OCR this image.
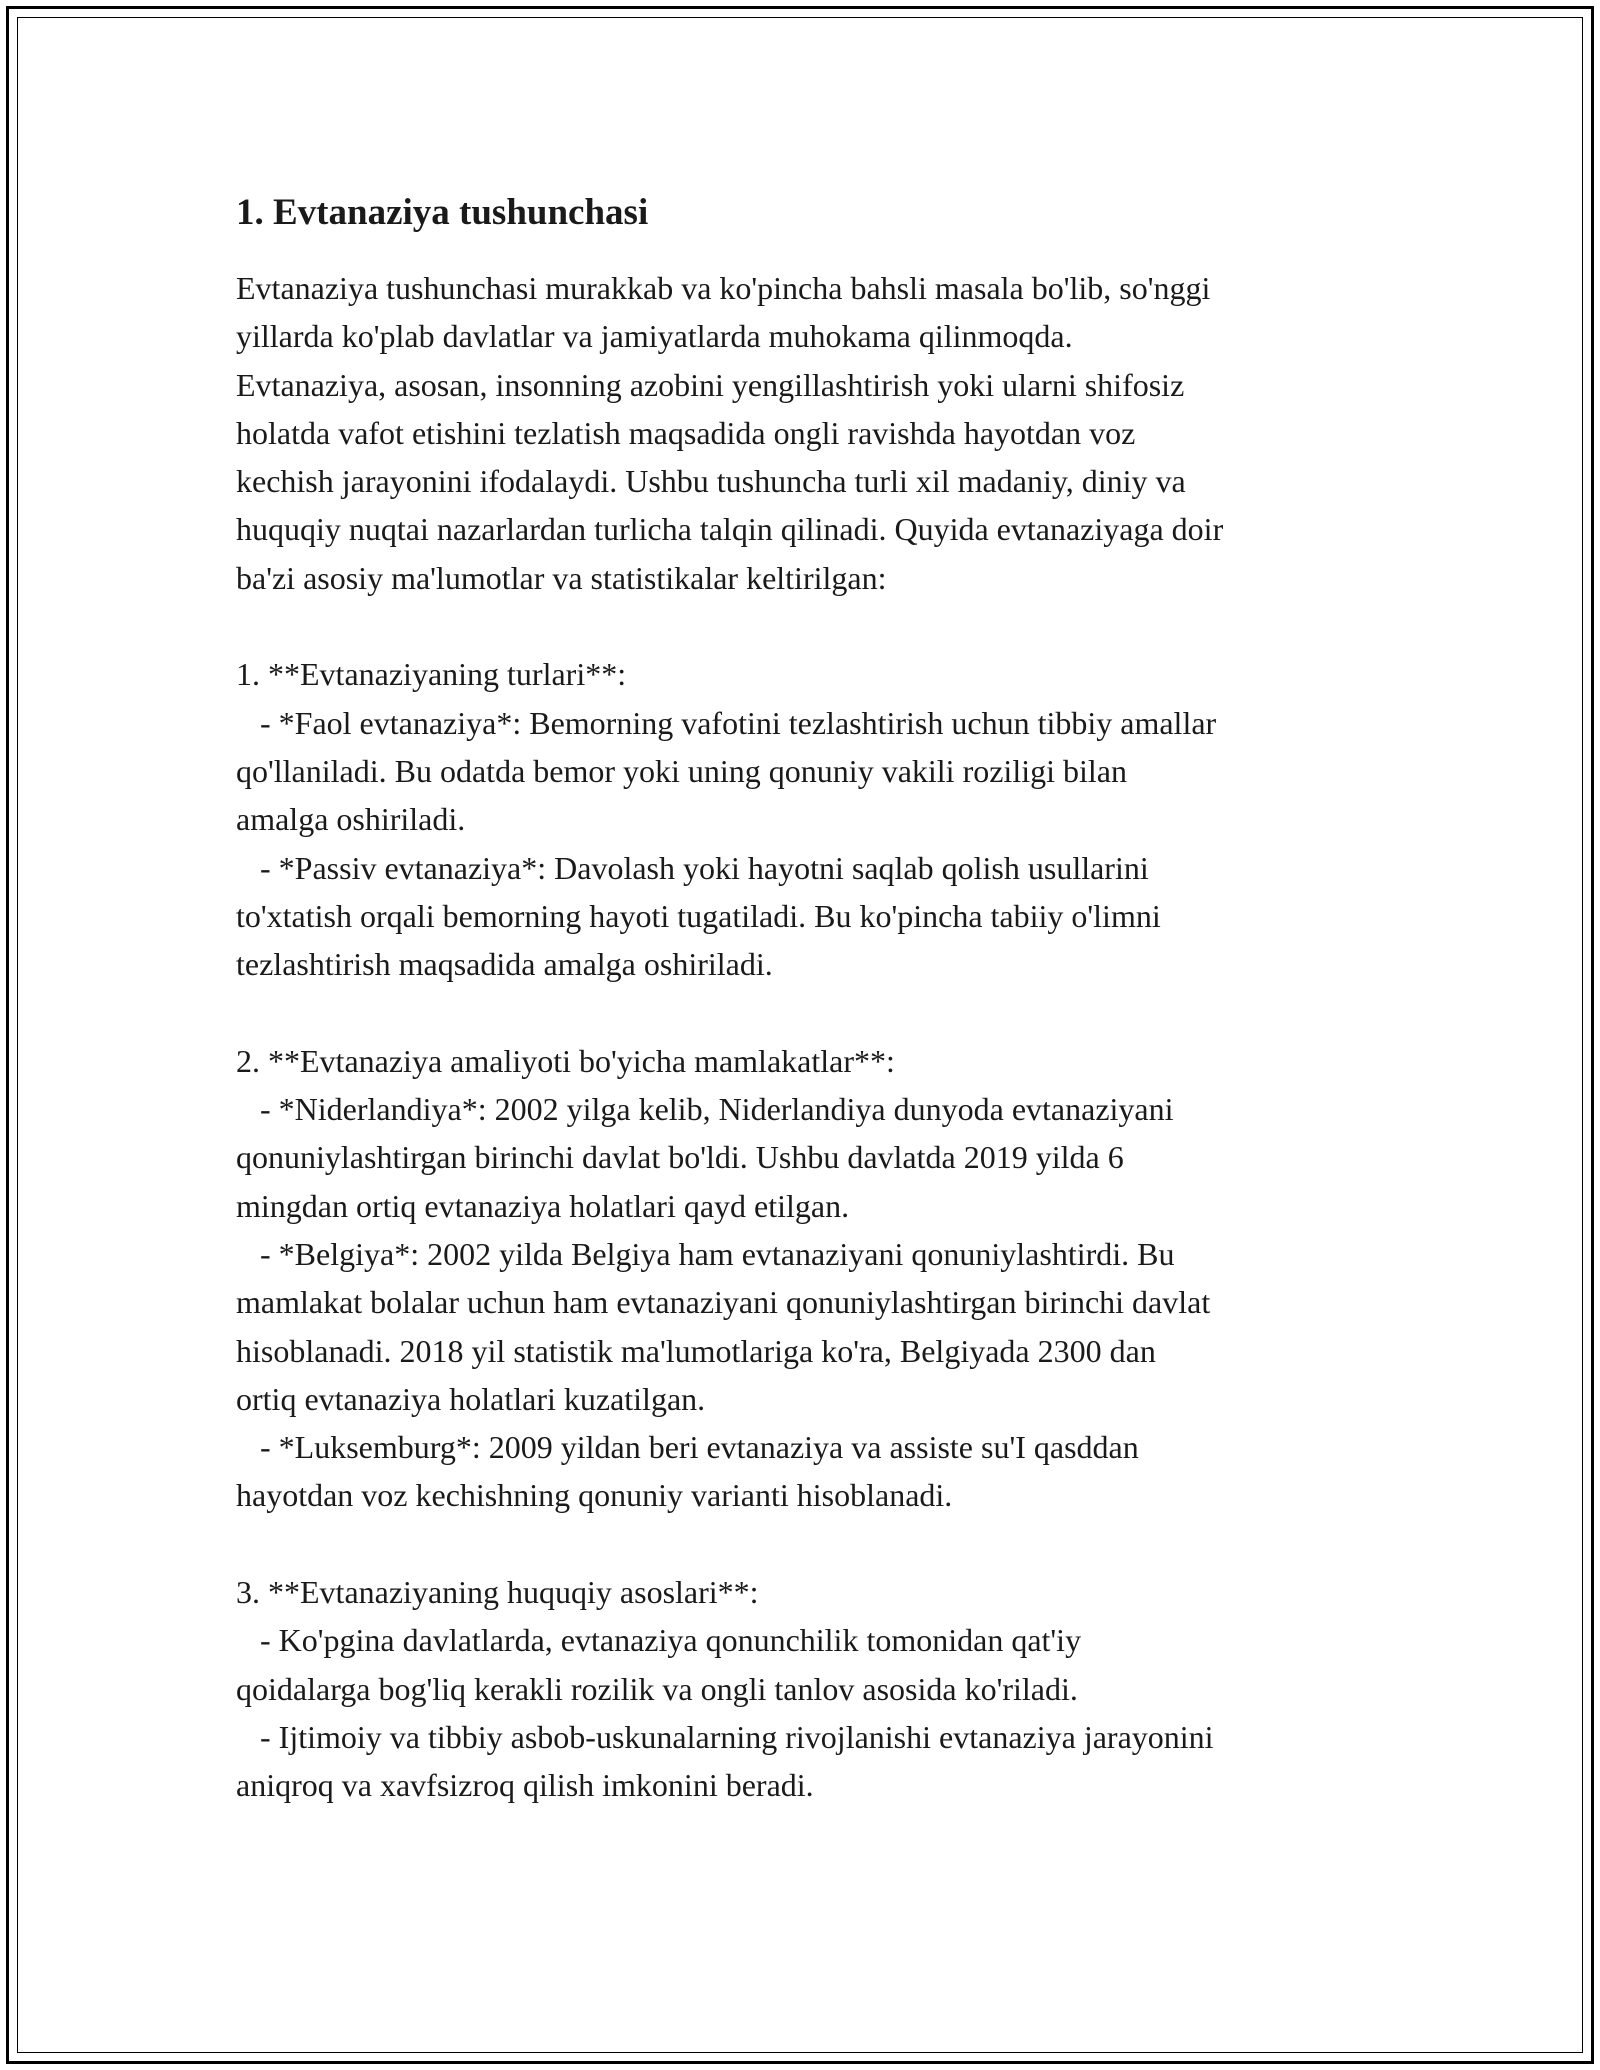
1. Evtanaziya tushunchasi

Evtanaziya tushunchasi murakkab va ko'pincha bahsli masala bo'lib, so'nggi
yillarda ko'plab davlatlar va jamiyatlarda muhokama qilinmoqda.
Evtanaziya, asosan, insonning azobini yengillashtirish yoki ularni shifosiz
holatda vafot etishini tezlatish maqsadida ongli ravishda hayotdan voz
kechish jarayonini ifodalaydi. Ushbu tushuncha turli xil madaniy, diniy va
huquqiy nuqtai nazarlardan turlicha talqin qilinadi. Quyida evtanaziyaga doir
ba'zi asosiy ma'lumotlar va statistikalar keltirilgan:

1. **Evtanaziyaning turlari**:
- *Faol evtanaziya*: Bemorning vafotini tezlashtirish uchun tibbiy amallar
qo'llaniladi. Bu odatda bemor yoki uning qonuniy vakili roziligi bilan
amalga oshiriladi.
- *Passiv evtanaziya*: Davolash yoki hayotni saqlab qolish usullarini
to'xtatish orqali bemorning hayoti tugatiladi. Bu ko'pincha tabiiy o'limni
tezlashtirish maqsadida amalga oshiriladi.

2. **Evtanaziya amaliyoti bo'yicha mamlakatlar**:
- *Niderlandiya*: 2002 yilga kelib, Niderlandiya dunyoda evtanaziyani
qonuniylashtirgan birinchi davlat bo'ldi. Ushbu davlatda 2019 yilda 6
mingdan ortiq evtanaziya holatlari qayd etilgan.
- *Belgiya*: 2002 yilda Belgiya ham evtanaziyani qonuniylashtirdi. Bu
mamlakat bolalar uchun ham evtanaziyani qonuniylashtirgan birinchi davlat
hisoblanadi. 2018 yil statistik ma'lumotlariga ko'ra, Belgiyada 2300 dan
ortiq evtanaziya holatlari kuzatilgan.
- *Luksemburg*: 2009 yildan beri evtanaziya va assiste su'I qasddan
hayotdan voz kechishning qonuniy varianti hisoblanadi.

3. **Evtanaziyaning huquqiy asoslari**:
- Ko'pgina davlatlarda, evtanaziya qonunchilik tomonidan qat'iy
qoidalarga bog'liq kerakli rozilik va ongli tanlov asosida ko'riladi.
- Ijtimoiy va tibbiy asbob-uskunalarning rivojlanishi evtanaziya jarayonini
aniqroq va xavfsizroq qilish imkonini beradi.
